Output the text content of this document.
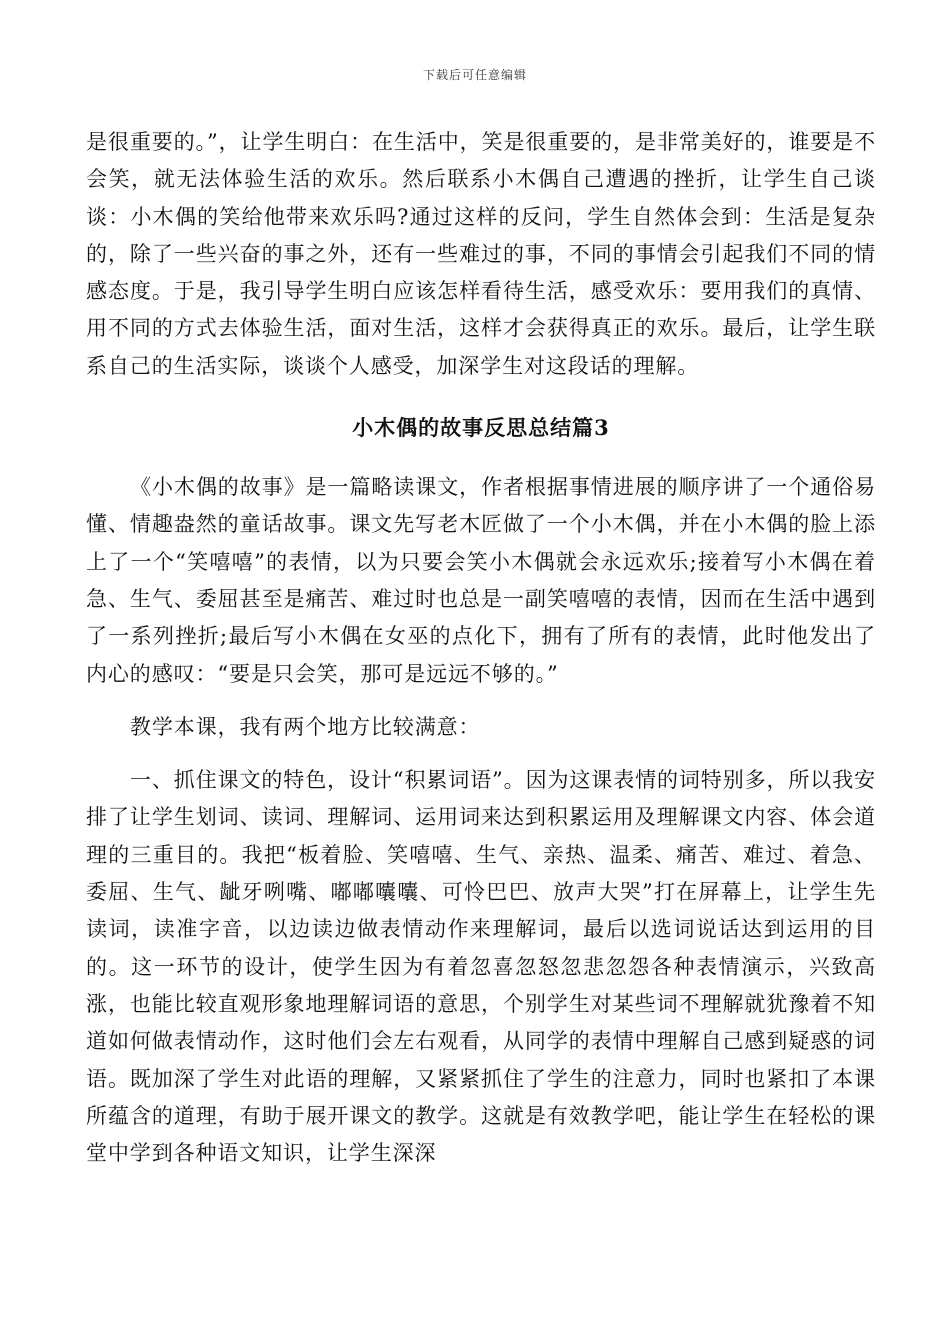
下载后可任意编辑

是很重要的。”，让学生明白：在生活中，笑是很重要的，是非常美好的，谁要是不会笑，就无法体验生活的欢乐。然后联系小木偶自己遭遇的挫折，让学生自己谈谈：小木偶的笑给他带来欢乐吗?通过这样的反问，学生自然体会到：生活是复杂的，除了一些兴奋的事之外，还有一些难过的事，不同的事情会引起我们不同的情感态度。于是，我引导学生明白应该怎样看待生活，感受欢乐：要用我们的真情、用不同的方式去体验生活，面对生活，这样才会获得真正的欢乐。最后，让学生联系自己的生活实际，谈谈个人感受，加深学生对这段话的理解。

小木偶的故事反思总结篇3

《小木偶的故事》是一篇略读课文，作者根据事情进展的顺序讲了一个通俗易懂、情趣盎然的童话故事。课文先写老木匠做了一个小木偶，并在小木偶的脸上添上了一个“笑嘻嘻”的表情，以为只要会笑小木偶就会永远欢乐;接着写小木偶在着急、生气、委屈甚至是痛苦、难过时也总是一副笑嘻嘻的表情，因而在生活中遇到了一系列挫折;最后写小木偶在女巫的点化下，拥有了所有的表情，此时他发出了内心的感叹：“要是只会笑，那可是远远不够的。”

教学本课，我有两个地方比较满意：

一、抓住课文的特色，设计“积累词语”。因为这课表情的词特别多，所以我安排了让学生划词、读词、理解词、运用词来达到积累运用及理解课文内容、体会道理的三重目的。我把“板着脸、笑嘻嘻、生气、亲热、温柔、痛苦、难过、着急、委屈、生气、龇牙咧嘴、嘟嘟囔囔、可怜巴巴、放声大哭”打在屏幕上，让学生先读词，读准字音，以边读边做表情动作来理解词，最后以选词说话达到运用的目的。这一环节的设计，使学生因为有着忽喜忽怒忽悲忽怨各种表情演示，兴致高涨，也能比较直观形象地理解词语的意思，个别学生对某些词不理解就犹豫着不知道如何做表情动作，这时他们会左右观看，从同学的表情中理解自己感到疑惑的词语。既加深了学生对此语的理解，又紧紧抓住了学生的注意力，同时也紧扣了本课所蕴含的道理，有助于展开课文的教学。这就是有效教学吧，能让学生在轻松的课堂中学到各种语文知识，让学生深深
